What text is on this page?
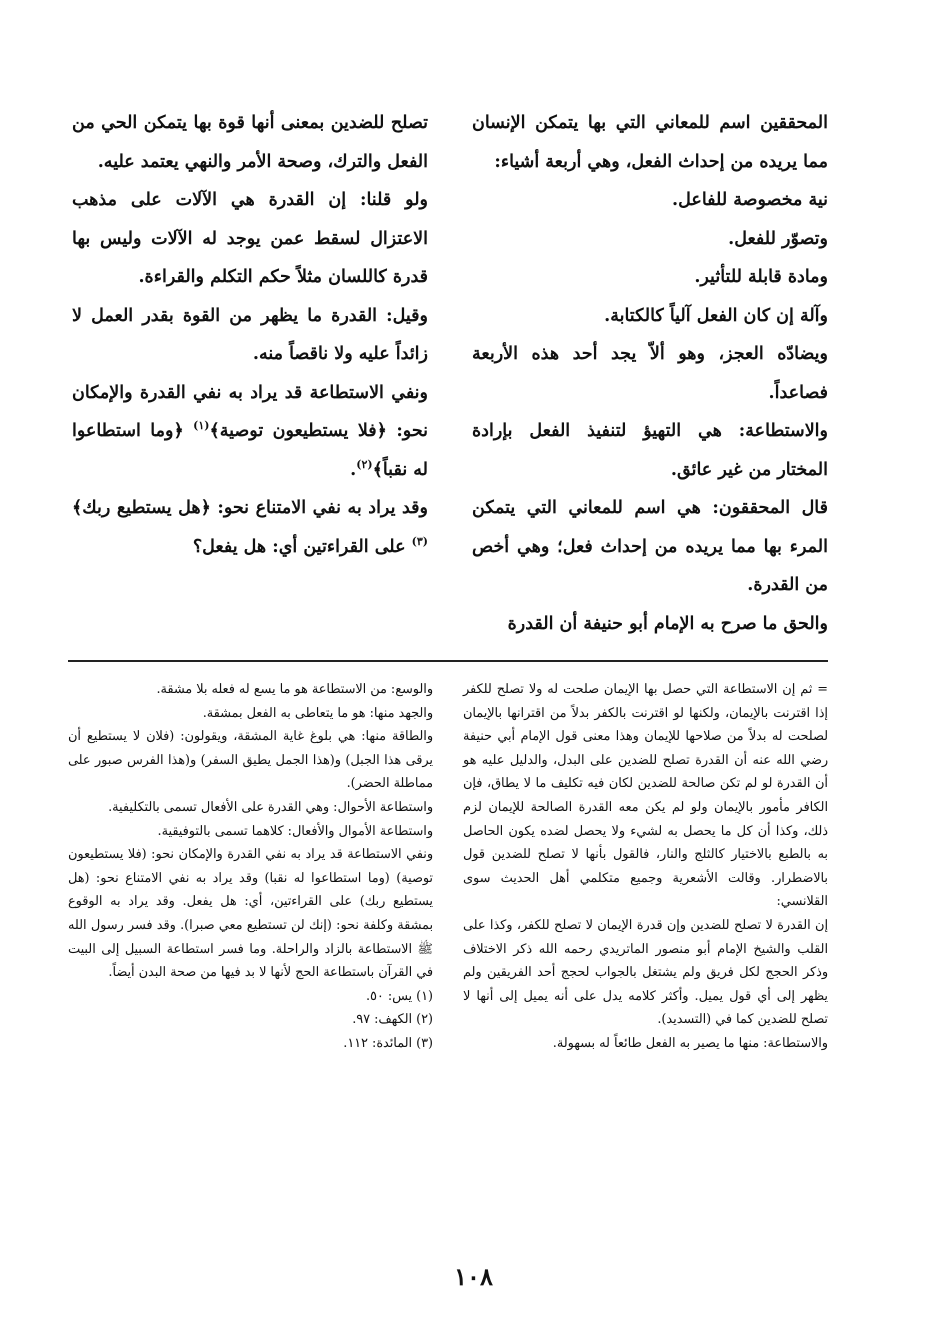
المحققين اسم للمعاني التي بها يتمكن الإنسان مما يريده من إحداث الفعل، وهي أربعة أشياء:

نية مخصوصة للفاعل.

وتصوّر للفعل.

ومادة قابلة للتأثير.

وآلة إن كان الفعل آلياً كالكتابة.

ويضادّه العجز، وهو ألاّ يجد أحد هذه الأربعة فصاعداً.

والاستطاعة: هي التهيؤ لتنفيذ الفعل بإرادة المختار من غير عائق.

قال المحققون: هي اسم للمعاني التي يتمكن المرء بها مما يريده من إحداث فعل؛ وهي أخص من القدرة.

والحق ما صرح به الإمام أبو حنيفة أن القدرة

تصلح للضدين بمعنى أنها قوة بها يتمكن الحي من الفعل والترك، وصحة الأمر والنهي يعتمد عليه.

ولو قلنا: إن القدرة هي الآلات على مذهب الاعتزال لسقط عمن يوجد له الآلات وليس بها قدرة كاللسان مثلاً حكم التكلم والقراءة.

وقيل: القدرة ما يظهر من القوة بقدر العمل لا زائداً عليه ولا ناقصاً منه.

ونفي الاستطاعة قد يراد به نفي القدرة والإمكان نحو: ﴿فلا يستطيعون توصية﴾$^{(١)}$ ﴿وما استطاعوا له نقباً﴾$^{(٢)}$.

وقد يراد به نفي الامتناع نحو: ﴿هل يستطيع ربك﴾$^{(٣)}$ على القراءتين أي: هل يفعل؟

= ثم إن الاستطاعة التي حصل بها الإيمان صلحت له ولا تصلح للكفر إذا اقترنت بالإيمان، ولكنها لو اقترنت بالكفر بدلاً من اقترانها بالإيمان لصلحت له بدلاً من صلاحها للإيمان وهذا معنى قول الإمام أبي حنيفة رضي الله عنه أن القدرة تصلح للضدين على البدل، والدليل عليه هو أن القدرة لو لم تكن صالحة للضدين لكان فيه تكليف ما لا يطاق، فإن الكافر مأمور بالإيمان ولو لم يكن معه القدرة الصالحة للإيمان لزم ذلك، وكذا أن كل ما يحصل به لشيء ولا يحصل لضده يكون الحاصل به بالطبع بالاختيار كالثلج والنار، فالقول بأنها لا تصلح للضدين قول بالاضطرار. وقالت الأشعرية وجميع متكلمي أهل الحديث سوى القلانسي:

إن القدرة لا تصلح للضدين وإن قدرة الإيمان لا تصلح للكفر، وكذا على القلب والشيخ الإمام أبو منصور الماتريدي رحمه الله ذكر الاختلاف وذكر الحجج لكل فريق ولم يشتغل بالجواب لحجج أحد الفريقين ولم يظهر إلى أي قول يميل. وأكثر كلامه يدل على أنه يميل إلى أنها لا تصلح للضدين كما في (التسديد).

والاستطاعة: منها ما يصير به الفعل طائعاً له بسهولة.

والوسع: من الاستطاعة هو ما يسع له فعله بلا مشقة.

والجهد منها: هو ما يتعاطى به الفعل بمشقة.

والطاقة منها: هي بلوغ غاية المشقة، ويقولون: (فلان لا يستطيع أن يرقى هذا الجبل) و(هذا الجمل يطيق السفر) و(هذا الفرس صبور على مماطلة الحضر).

واستطاعة الأحوال: وهي القدرة على الأفعال تسمى بالتكليفية.

واستطاعة الأموال والأفعال: كلاهما تسمى بالتوفيقية.

ونفي الاستطاعة قد يراد به نفي القدرة والإمكان نحو: (فلا يستطيعون توصية) (وما استطاعوا له نقبا) وقد يراد به نفي الامتناع نحو: (هل يستطيع ربك) على القراءتين، أي: هل يفعل. وقد يراد به الوقوع بمشقة وكلفة نحو: (إنك لن تستطيع معي صبرا). وقد فسر رسول الله ﷺ الاستطاعة بالزاد والراحلة. وما فسر استطاعة السبيل إلى البيت في القرآن باستطاعة الحج لأنها لا بد فيها من صحة البدن أيضاً.

(١) يس: ٥٠.

(٢) الكهف: ٩٧.

(٣) المائدة: ١١٢.

١٠٨
